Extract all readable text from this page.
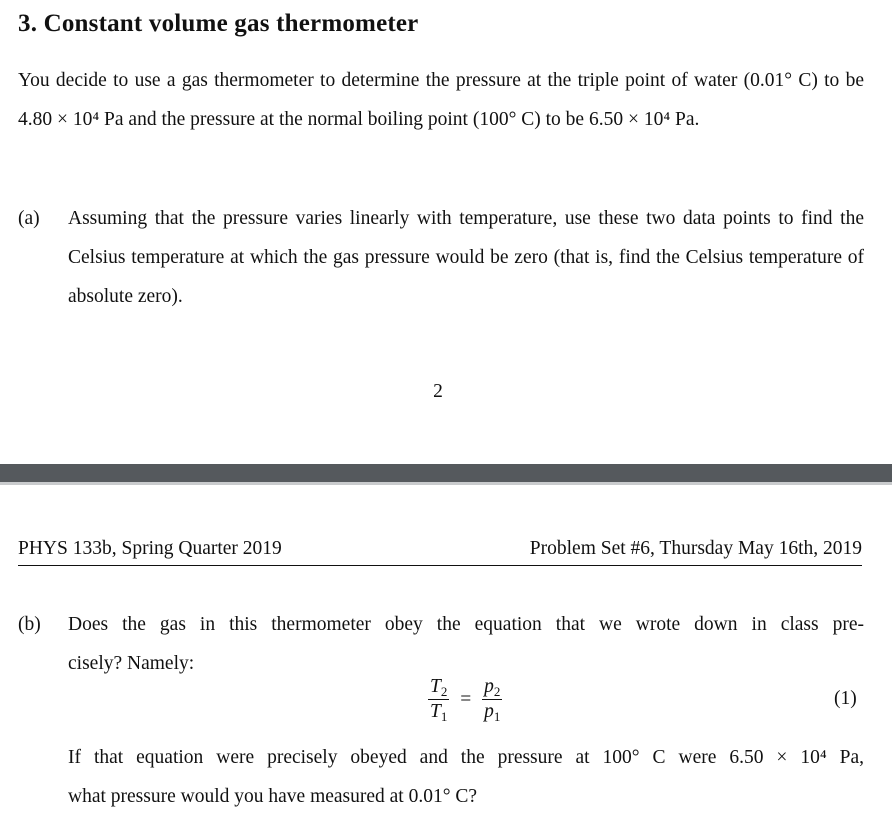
3. Constant volume gas thermometer
You decide to use a gas thermometer to determine the pressure at the triple point of water (0.01° C) to be 4.80 × 10⁴ Pa and the pressure at the normal boiling point (100° C) to be 6.50 × 10⁴ Pa.
(a) Assuming that the pressure varies linearly with temperature, use these two data points to find the Celsius temperature at which the gas pressure would be zero (that is, find the Celsius temperature of absolute zero).
2
PHYS 133b, Spring Quarter 2019	Problem Set #6, Thursday May 16th, 2019
(b) Does the gas in this thermometer obey the equation that we wrote down in class pre-
cisely? Namely:
$\frac{T_2}{T_1} = \frac{p_2}{p_1}$	(1)
If that equation were precisely obeyed and the pressure at 100° C were 6.50 × 10⁴ Pa,
what pressure would you have measured at 0.01° C?
